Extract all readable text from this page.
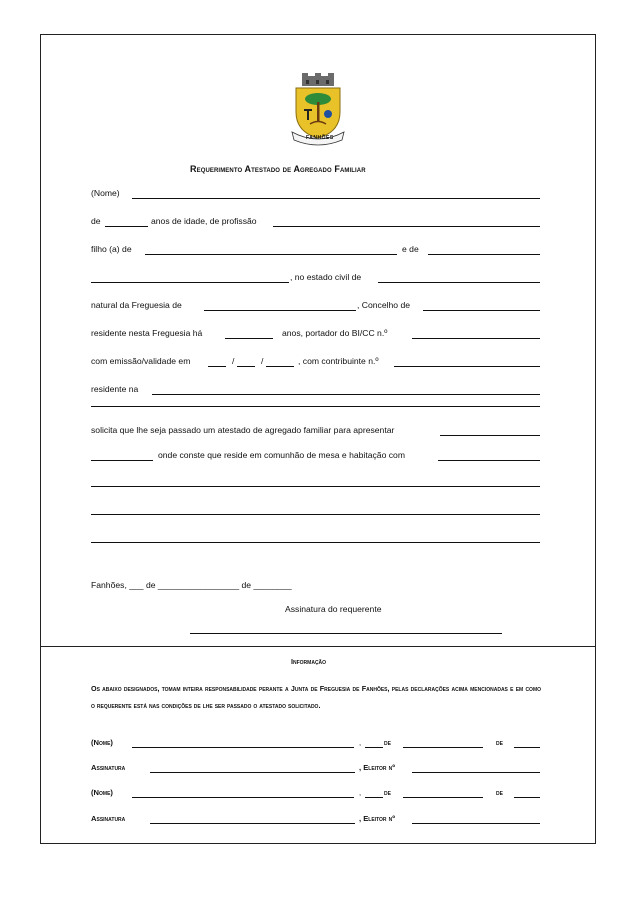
FANHÕES
Requerimento Atestado de Agregado Familiar
(Nome)
de	anos de idade, de profissão
filho (a) de	e de
, no estado civil de
natural da Freguesia de	, Concelho de
residente nesta Freguesia há	anos, portador do BI/CC n.º
com emissão/validade em	/	/	, com contribuinte n.º
residente na
solicita que lhe seja passado um atestado de agregado familiar para apresentar
onde conste que reside em comunhão de mesa e habitação com
Fanhões, ___ de _________________ de ________
Assinatura do requerente
Informação
Os abaixo designados, tomam inteira responsabilidade perante a Junta de Freguesia de Fanhões, pelas declarações acima mencionadas e em como o requerente está nas condições de lhe ser passado o atestado solicitado.
(Nome)	,	de	de
Assinatura	, Eleitor nº
(Nome)	,	de	de
Assinatura	, Eleitor nº
